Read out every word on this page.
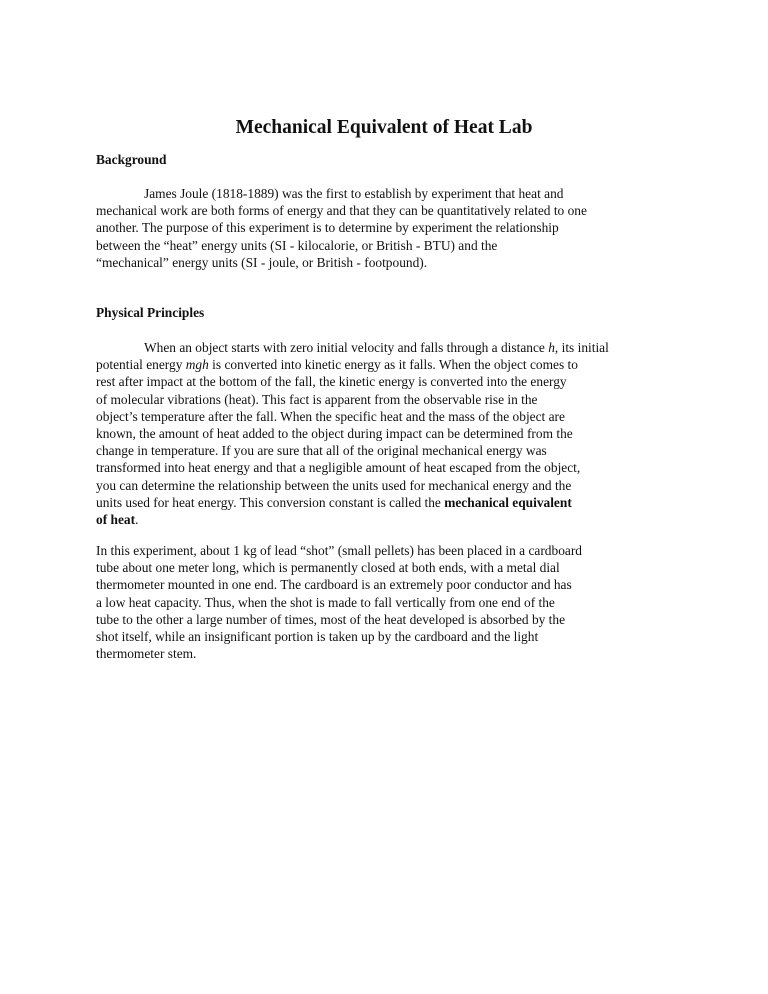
Mechanical Equivalent of Heat Lab
Background

James Joule (1818-1889) was the first to establish by experiment that heat and
mechanical work are both forms of energy and that they can be quantitatively related to one
another. The purpose of this experiment is to determine by experiment the relationship
between the “heat” energy units (SI - kilocalorie, or British - BTU) and the
“mechanical” energy units (SI - joule, or British - footpound).

Physical Principles

When an object starts with zero initial velocity and falls through a distance h, its initial
potential energy mgh is converted into kinetic energy as it falls. When the object comes to
rest after impact at the bottom of the fall, the kinetic energy is converted into the energy
of molecular vibrations (heat). This fact is apparent from the observable rise in the
object’s temperature after the fall. When the specific heat and the mass of the object are
known, the amount of heat added to the object during impact can be determined from the
change in temperature. If you are sure that all of the original mechanical energy was
transformed into heat energy and that a negligible amount of heat escaped from the object,
you can determine the relationship between the units used for mechanical energy and the
units used for heat energy. This conversion constant is called the mechanical equivalent
of heat.

In this experiment, about 1 kg of lead “shot” (small pellets) has been placed in a cardboard
tube about one meter long, which is permanently closed at both ends, with a metal dial
thermometer mounted in one end. The cardboard is an extremely poor conductor and has
a low heat capacity. Thus, when the shot is made to fall vertically from one end of the
tube to the other a large number of times, most of the heat developed is absorbed by the
shot itself, while an insignificant portion is taken up by the cardboard and the light
thermometer stem.
